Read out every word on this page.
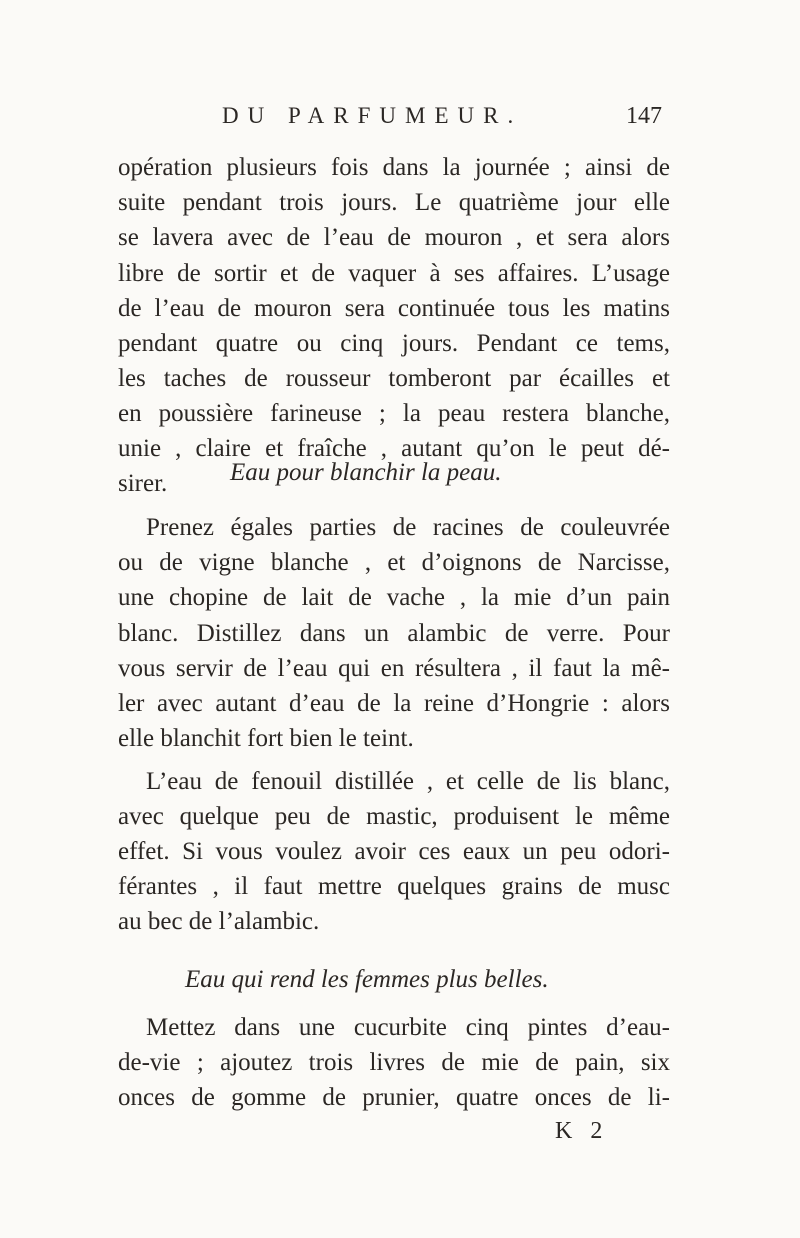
DU PARFUMEUR.	147
opération plusieurs fois dans la journée ; ainsi de
suite pendant trois jours. Le quatrième jour elle
se lavera avec de l’eau de mouron , et sera alors
libre de sortir et de vaquer à ses affaires. L’usage
de l’eau de mouron sera continuée tous les matins
pendant quatre ou cinq jours. Pendant ce tems,
les taches de rousseur tomberont par écailles et
en poussière farineuse ; la peau restera blanche,
unie , claire et fraîche , autant qu’on le peut dé-
sirer.	Eau pour blanchir la peau.
Prenez égales parties de racines de couleuvrée
ou de vigne blanche , et d’oignons de Narcisse,
une chopine de lait de vache , la mie d’un pain
blanc. Distillez dans un alambic de verre. Pour
vous servir de l’eau qui en résultera , il faut la mê-
ler avec autant d’eau de la reine d’Hongrie : alors
elle blanchit fort bien le teint.
L’eau de fenouil distillée , et celle de lis blanc,
avec quelque peu de mastic, produisent le même
effet. Si vous voulez avoir ces eaux un peu odori-
férantes , il faut mettre quelques grains de musc
au bec de l’alambic.
Eau qui rend les femmes plus belles.
Mettez dans une cucurbite cinq pintes d’eau-
de-vie ; ajoutez trois livres de mie de pain, six
onces de gomme de prunier, quatre onces de li-
K 2
